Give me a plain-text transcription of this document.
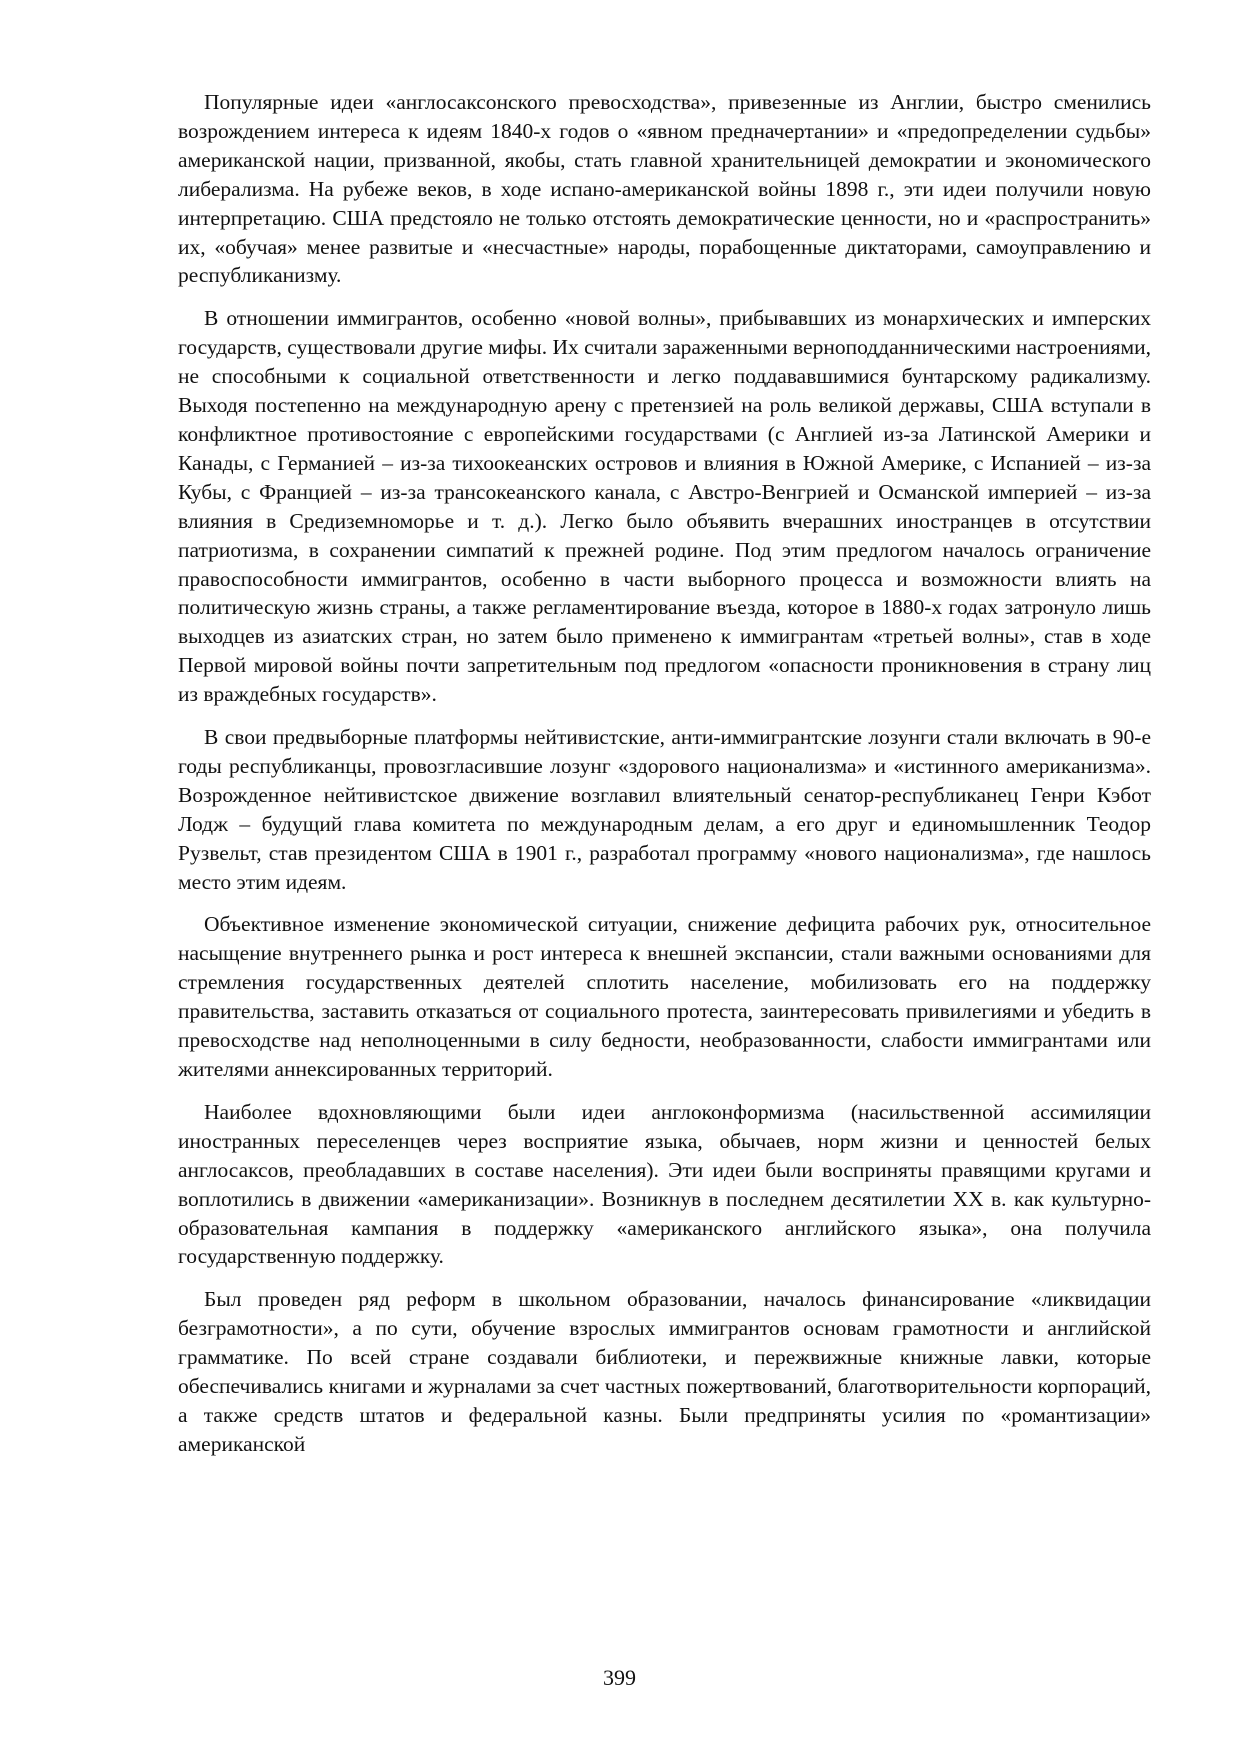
Популярные идеи «англосаксонского превосходства», привезенные из Англии, быстро сменились возрождением интереса к идеям 1840-х годов о «явном предначертании» и «предопределении судьбы» американской нации, призванной, якобы, стать главной хранительницей демократии и экономического либерализма. На рубеже веков, в ходе испано-американской войны 1898 г., эти идеи получили новую интерпретацию. США предстояло не только отстоять демократические ценности, но и «распространить» их, «обучая» менее развитые и «несчастные» народы, порабощенные диктаторами, самоуправлению и республиканизму.

В отношении иммигрантов, особенно «новой волны», прибывавших из монархических и имперских государств, существовали другие мифы. Их считали зараженными верноподданническими настроениями, не способными к социальной ответственности и легко поддававшимися бунтарскому радикализму. Выходя постепенно на международную арену с претензией на роль великой державы, США вступали в конфликтное противостояние с европейскими государствами (с Англией из-за Латинской Америки и Канады, с Германией – из-за тихоокеанских островов и влияния в Южной Америке, с Испанией – из-за Кубы, с Францией – из-за трансокеанского канала, с Австро-Венгрией и Османской империей – из-за влияния в Средиземноморье и т. д.). Легко было объявить вчерашних иностранцев в отсутствии патриотизма, в сохранении симпатий к прежней родине. Под этим предлогом началось ограничение правоспособности иммигрантов, особенно в части выборного процесса и возможности влиять на политическую жизнь страны, а также регламентирование въезда, которое в 1880-х годах затронуло лишь выходцев из азиатских стран, но затем было применено к иммигрантам «третьей волны», став в ходе Первой мировой войны почти запретительным под предлогом «опасности проникновения в страну лиц из враждебных государств».

В свои предвыборные платформы нейтивистские, анти-иммигрантские лозунги стали включать в 90-е годы республиканцы, провозгласившие лозунг «здорового национализма» и «истинного американизма». Возрожденное нейтивистское движение возглавил влиятельный сенатор-республиканец Генри Кэбот Лодж – будущий глава комитета по международным делам, а его друг и единомышленник Теодор Рузвельт, став президентом США в 1901 г., разработал программу «нового национализма», где нашлось место этим идеям.

Объективное изменение экономической ситуации, снижение дефицита рабочих рук, относительное насыщение внутреннего рынка и рост интереса к внешней экспансии, стали важными основаниями для стремления государственных деятелей сплотить население, мобилизовать его на поддержку правительства, заставить отказаться от социального протеста, заинтересовать привилегиями и убедить в превосходстве над неполноценными в силу бедности, необразованности, слабости иммигрантами или жителями аннексированных территорий.

Наиболее вдохновляющими были идеи англоконформизма (насильственной ассимиляции иностранных переселенцев через восприятие языка, обычаев, норм жизни и ценностей белых англосаксов, преобладавших в составе населения). Эти идеи были восприняты правящими кругами и воплотились в движении «американизации». Возникнув в последнем десятилетии XX в. как культурно-образовательная кампания в поддержку «американского английского языка», она получила государственную поддержку.

Был проведен ряд реформ в школьном образовании, началось финансирование «ликвидации безграмотности», а по сути, обучение взрослых иммигрантов основам грамотности и английской грамматике. По всей стране создавали библиотеки, и пережвижные книжные лавки, которые обеспечивались книгами и журналами за счет частных пожертвований, благотворительности корпораций, а также средств штатов и федеральной казны. Были предприняты усилия по «романтизации» американской

399
